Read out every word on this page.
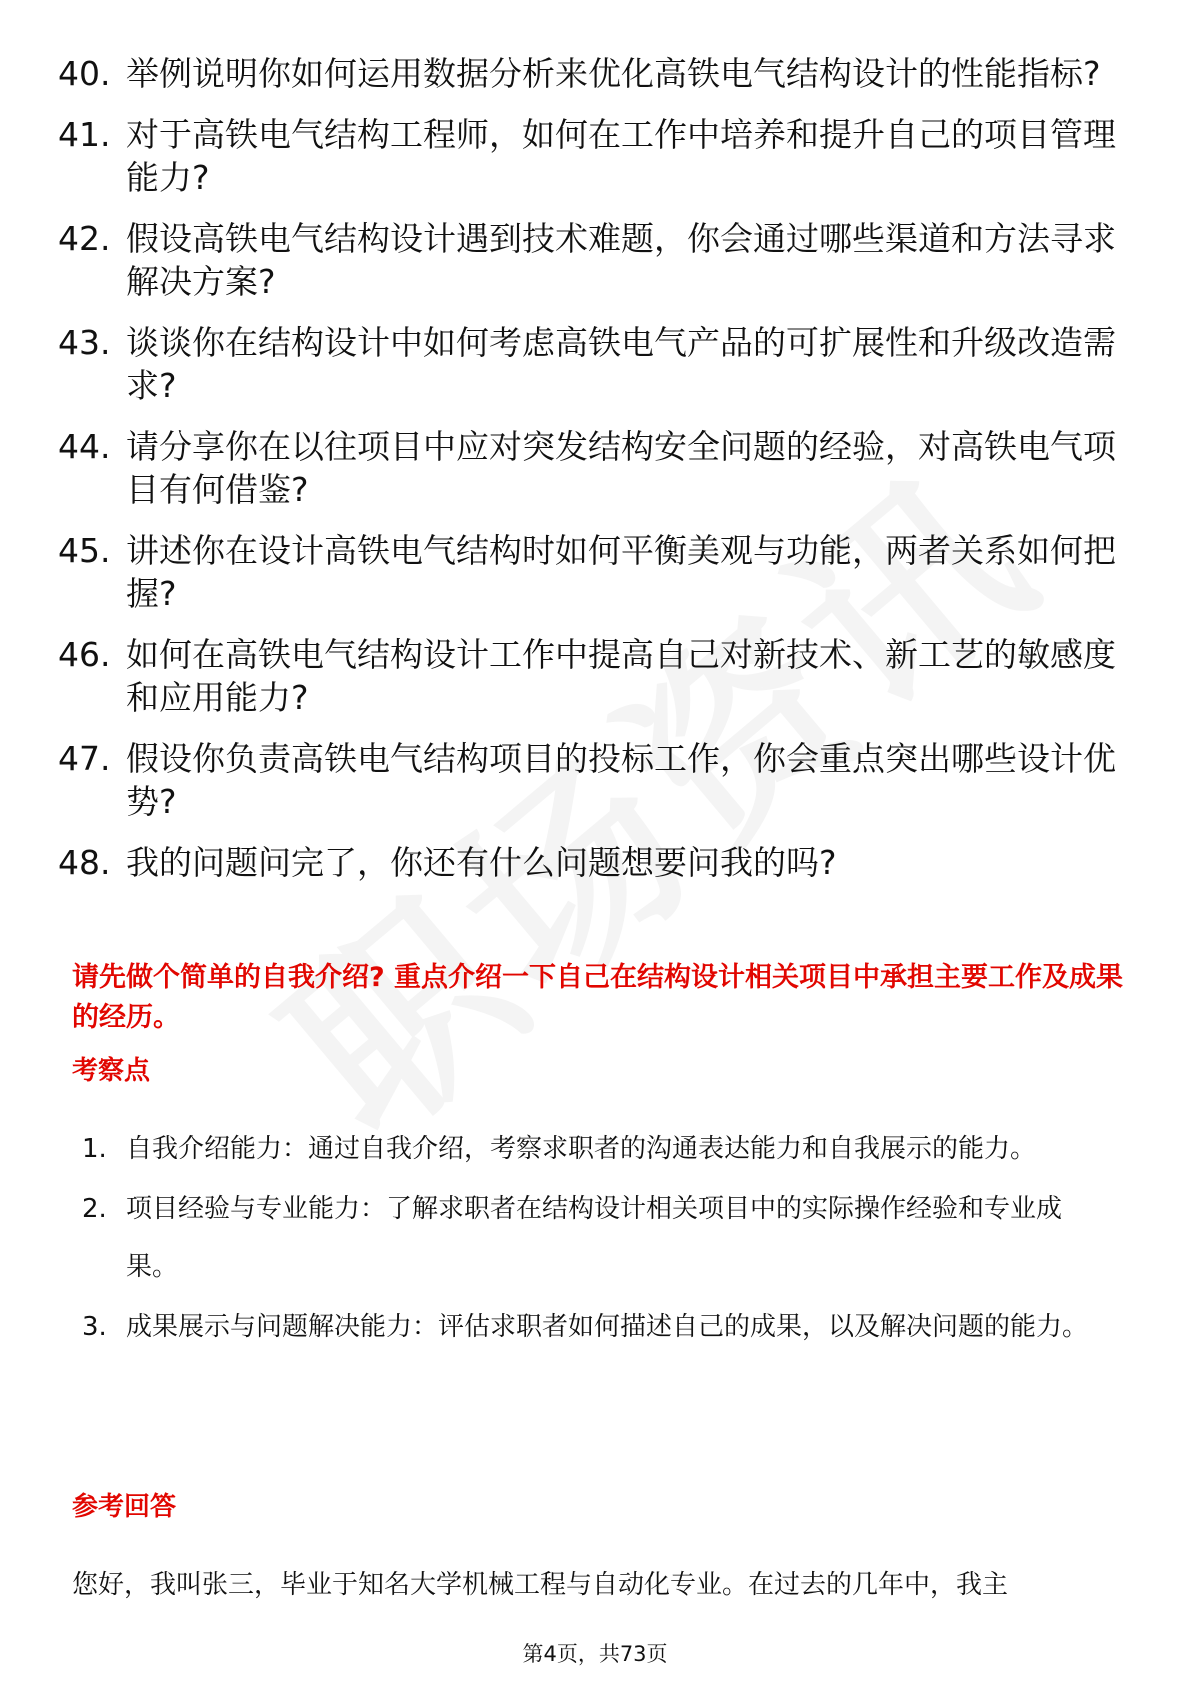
40. 举例说明你如何运用数据分析来优化高铁电气结构设计的性能指标?
41. 对于高铁电气结构工程师，如何在工作中培养和提升自己的项目管理能力?
42. 假设高铁电气结构设计遇到技术难题，你会通过哪些渠道和方法寻求解决方案?
43. 谈谈你在结构设计中如何考虑高铁电气产品的可扩展性和升级改造需求?
44. 请分享你在以往项目中应对突发结构安全问题的经验，对高铁电气项目有何借鉴?
45. 讲述你在设计高铁电气结构时如何平衡美观与功能，两者关系如何把握?
46. 如何在高铁电气结构设计工作中提高自己对新技术、新工艺的敏感度和应用能力?
47. 假设你负责高铁电气结构项目的投标工作，你会重点突出哪些设计优势?
48. 我的问题问完了，你还有什么问题想要问我的吗?
请先做个简单的自我介绍? 重点介绍一下自己在结构设计相关项目中承担主要工作及成果的经历。
考察点
1. 自我介绍能力：通过自我介绍，考察求职者的沟通表达能力和自我展示的能力。
2. 项目经验与专业能力：了解求职者在结构设计相关项目中的实际操作经验和专业成果。
3. 成果展示与问题解决能力：评估求职者如何描述自己的成果，以及解决问题的能力。
参考回答
您好，我叫张三，毕业于知名大学机械工程与自动化专业。在过去的几年中，我主
第4页，共73页
